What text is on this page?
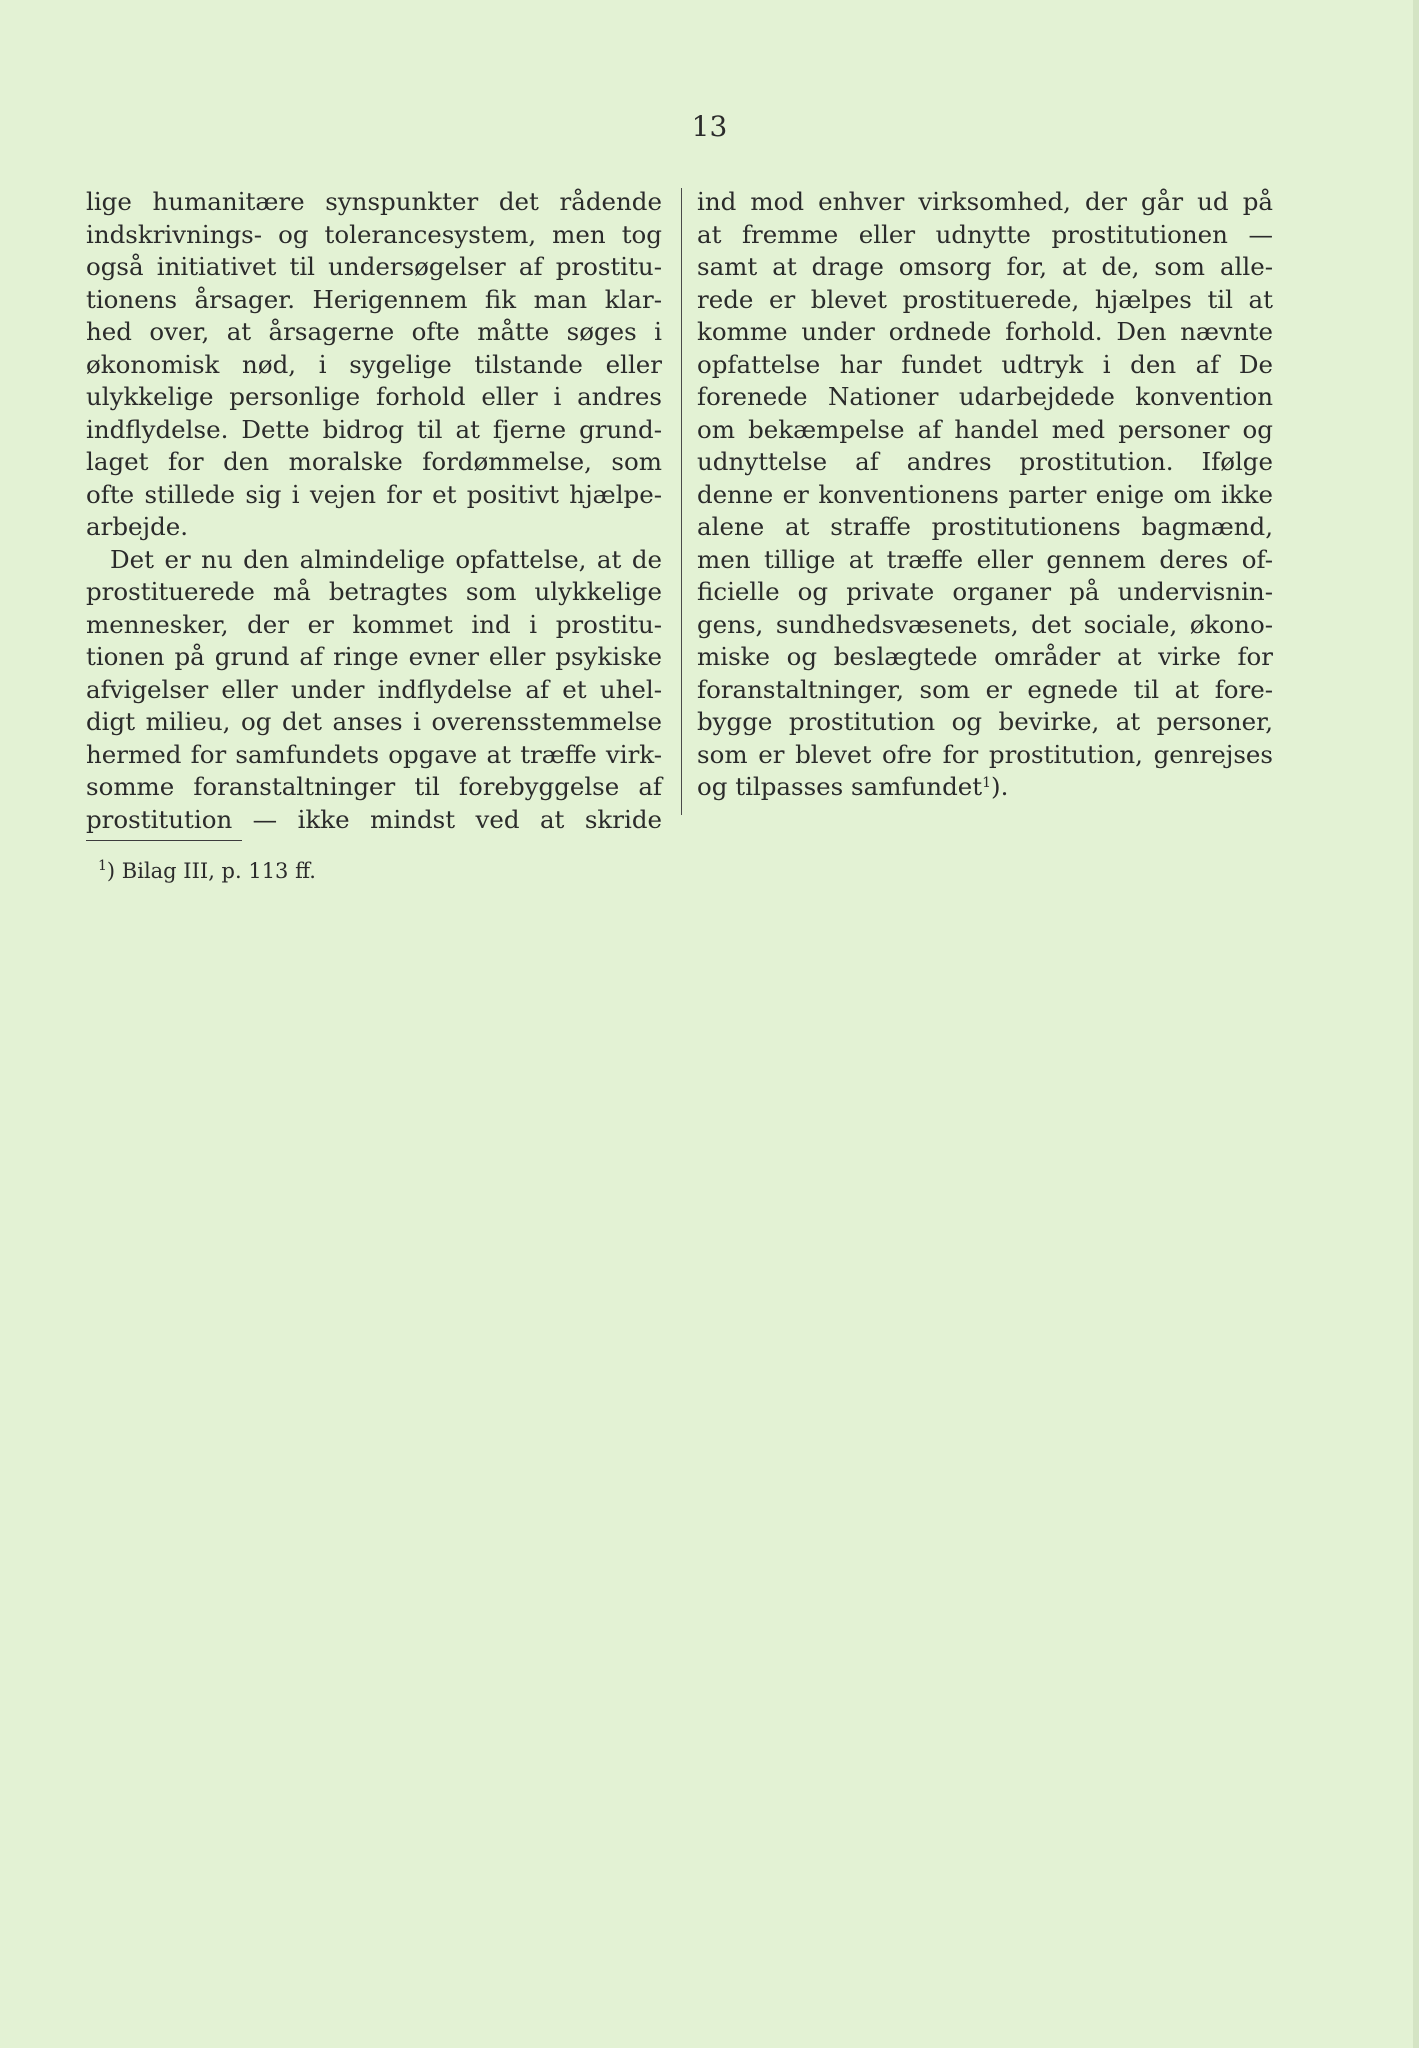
13
lige humanitære synspunkter det rådende
indskrivnings- og tolerancesystem, men tog
også initiativet til undersøgelser af prostitu-
tionens årsager. Herigennem fik man klar-
hed over, at årsagerne ofte måtte søges i
økonomisk nød, i sygelige tilstande eller
ulykkelige personlige forhold eller i andres
indflydelse. Dette bidrog til at fjerne grund-
laget for den moralske fordømmelse, som
ofte stillede sig i vejen for et positivt hjælpe-
arbejde.
Det er nu den almindelige opfattelse, at de
prostituerede må betragtes som ulykkelige
mennesker, der er kommet ind i prostitu-
tionen på grund af ringe evner eller psykiske
afvigelser eller under indflydelse af et uhel-
digt milieu, og det anses i overensstemmelse
hermed for samfundets opgave at træffe virk-
somme foranstaltninger til forebyggelse af
prostitution — ikke mindst ved at skride
ind mod enhver virksomhed, der går ud på
at fremme eller udnytte prostitutionen —
samt at drage omsorg for, at de, som alle-
rede er blevet prostituerede, hjælpes til at
komme under ordnede forhold. Den nævnte
opfattelse har fundet udtryk i den af De
forenede Nationer udarbejdede konvention
om bekæmpelse af handel med personer og
udnyttelse af andres prostitution. Ifølge
denne er konventionens parter enige om ikke
alene at straffe prostitutionens bagmænd,
men tillige at træffe eller gennem deres of-
ficielle og private organer på undervisnin-
gens, sundhedsvæsenets, det sociale, økono-
miske og beslægtede områder at virke for
foranstaltninger, som er egnede til at fore-
bygge prostitution og bevirke, at personer,
som er blevet ofre for prostitution, genrejses
og tilpasses samfundet$^1$).
$^1$) Bilag III, p. 113 ff.
